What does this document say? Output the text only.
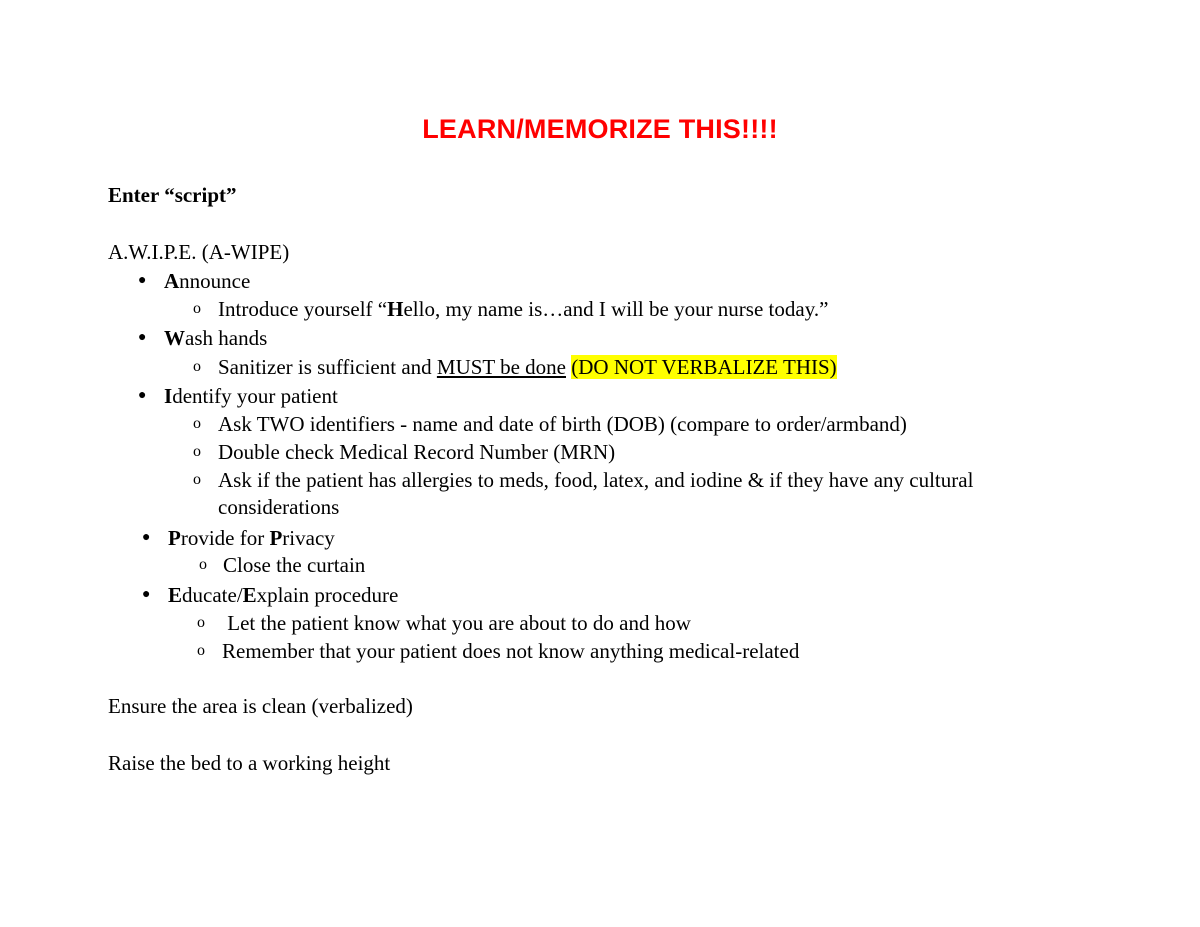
LEARN/MEMORIZE THIS!!!!
Enter “script”
A.W.I.P.E. (A-WIPE)
● Announce
o Introduce yourself “Hello, my name is…and I will be your nurse today.”
● Wash hands
o Sanitizer is sufficient and MUST be done (DO NOT VERBALIZE THIS)
● Identify your patient
o Ask TWO identifiers - name and date of birth (DOB) (compare to order/armband)
o Double check Medical Record Number (MRN)
o Ask if the patient has allergies to meds, food, latex, and iodine & if they have any cultural
considerations
● Provide for Privacy
o Close the curtain
● Educate/Explain procedure
o Let the patient know what you are about to do and how
o Remember that your patient does not know anything medical-related
Ensure the area is clean (verbalized)
Raise the bed to a working height
